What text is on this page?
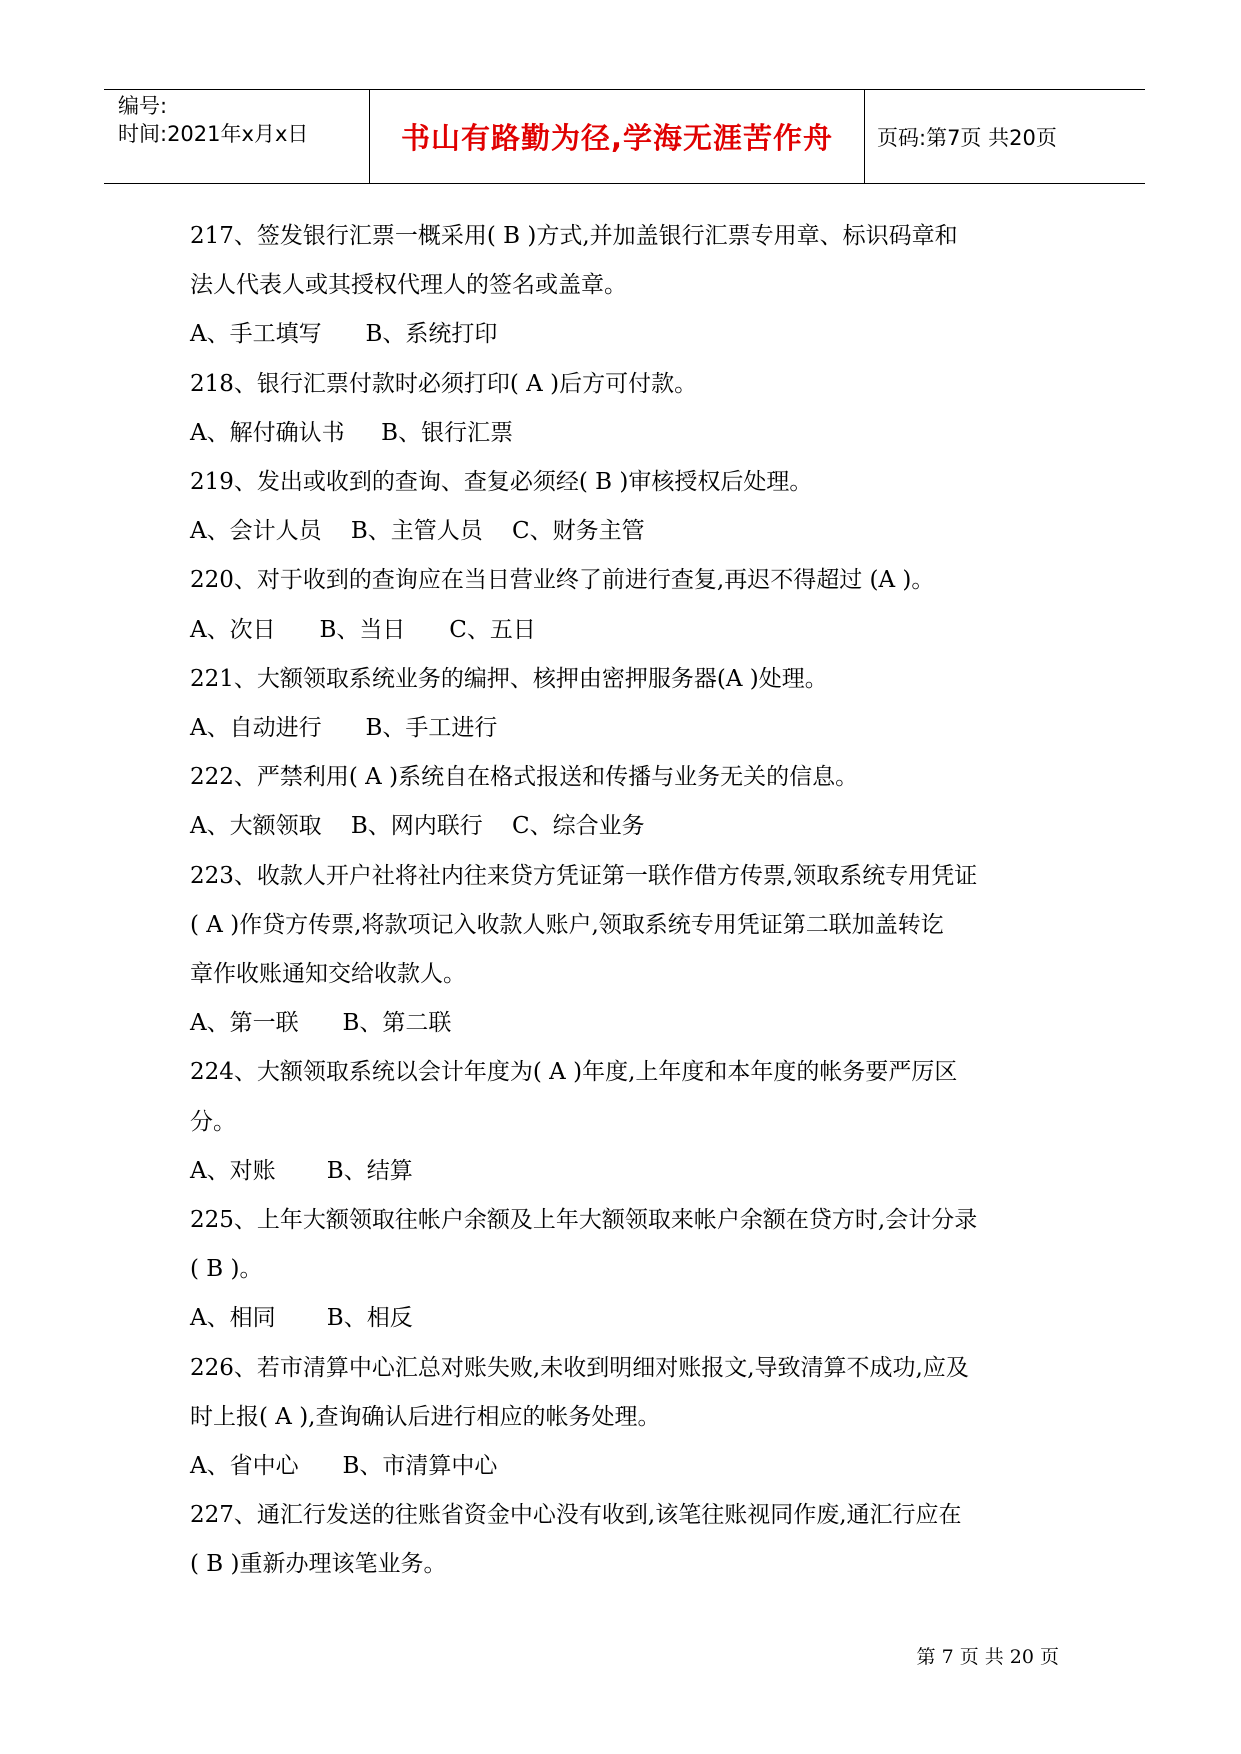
编号:
时间:2021年x月x日	书山有路勤为径,学海无涯苦作舟 页码:第7页 共20页

217、签发银行汇票一概采用( B )方式,并加盖银行汇票专用章、标识码章和

法人代表人或其授权代理人的签名或盖章。

A、手工填写      B、系统打印

218、银行汇票付款时必须打印( A )后方可付款。

A、解付确认书     B、银行汇票

219、发出或收到的查询、查复必须经( B )审核授权后处理。

A、会计人员    B、主管人员    C、财务主管

220、对于收到的查询应在当日营业终了前进行查复,再迟不得超过 (A )。

A、次日      B、当日      C、五日

221、大额领取系统业务的编押、核押由密押服务器(A )处理。

A、自动进行      B、手工进行

222、严禁利用( A )系统自在格式报送和传播与业务无关的信息。

A、大额领取    B、网内联行    C、综合业务

223、收款人开户社将社内往来贷方凭证第一联作借方传票,领取系统专用凭证

( A )作贷方传票,将款项记入收款人账户,领取系统专用凭证第二联加盖转讫

章作收账通知交给收款人。

A、第一联      B、第二联

224、大额领取系统以会计年度为( A )年度,上年度和本年度的帐务要严厉区

分。

A、对账       B、结算

225、上年大额领取往帐户余额及上年大额领取来帐户余额在贷方时,会计分录

( B )。

A、相同       B、相反

226、若市清算中心汇总对账失败,未收到明细对账报文,导致清算不成功,应及

时上报( A ),查询确认后进行相应的帐务处理。

A、省中心      B、市清算中心

227、通汇行发送的往账省资金中心没有收到,该笔往账视同作废,通汇行应在

( B )重新办理该笔业务。

第 7 页 共 20 页
